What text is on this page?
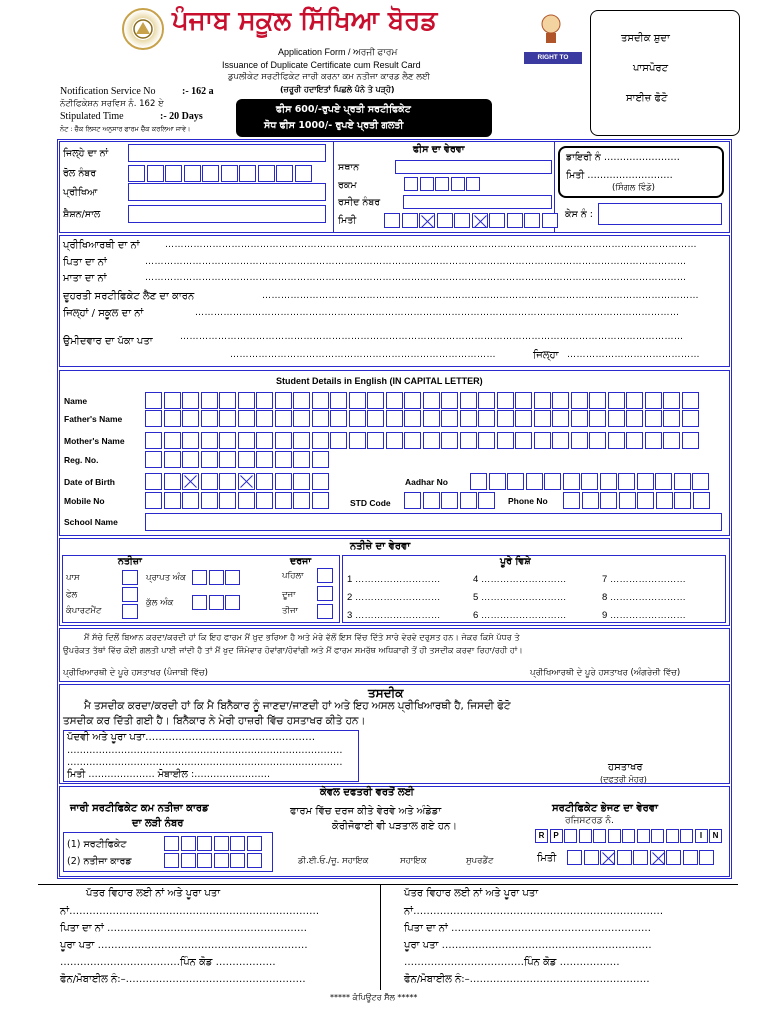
ਪੰਜਾਬ ਸਕੂਲ ਸਿੱਖਿਆ ਬੋਰਡ
Application Form / ਅਰਜੀ ਫਾਰਮ
Issuance of Duplicate Certificate cum Result Card
ਡੁਪਲੀਕੇਟ ਸਰਟੀਫਿਕੇਟ ਜਾਰੀ ਕਰਨਾ ਕਮ ਨਤੀਜਾ ਕਾਰਡ ਲੈਣ ਲਈ
(ਜ਼ਰੂਰੀ ਹਦਾਇਤਾਂ ਪਿਛਲੇ ਪੰਨੇ ਤੇ ਪੜ੍ਹੋ)
RIGHT TO SERVICE
ਤਸਦੀਕ ਸ਼ੁਦਾ
ਪਾਸਪੋਰਟ
ਸਾਈਜ਼ ਫੋਟੋ
Notification Service No	:- 162 a
ਨੋਟੀਫਿਕੇਸ਼ਨ ਸਰਵਿਸ ਨੰ. 162 ਏ
Stipulated Time	:- 20 Days
ਨੋਟ : ਚੈੱਕ ਲਿਸਟ ਅਨੁਸਾਰ ਫਾਰਮ ਚੈੱਕ ਕਰਲਿਆ ਜਾਵੇ।
ਫੀਸ 600/-ਰੁਪਏ ਪ੍ਰਤੀ ਸਰਟੀਫਿਕੇਟ
ਸੋਧ ਫੀਸ 1000/- ਰੁਪਏ ਪ੍ਰਤੀ ਗਲਤੀ
ਜਿਲ੍ਹੇ ਦਾ ਨਾਂ
ਰੋਲ ਨੰਬਰ
ਪ੍ਰੀਖਿਆ
ਸ਼ੈਸ਼ਨ/ਸਾਲ
ਫੀਸ ਦਾ ਵੇਰਵਾ
ਸਥਾਨ
ਰਕਮ
ਰਸੀਦ ਨੰਬਰ
ਮਿਤੀ
ਡਾਇਰੀ ਨੰ ……………………
ਮਿਤੀ ………………………
(ਸਿੰਗਲ ਵਿੰਡੋ)
ਕੇਸ ਨੰ :
ਪ੍ਰੀਖਿਆਰਥੀ ਦਾ ਨਾਂ	……………………………………………………………………………………………………………………………………………………
ਪਿਤਾ ਦਾ ਨਾਂ	………………………………………………………………………………………………………………………………………………………
ਮਾਤਾ ਦਾ ਨਾਂ	………………………………………………………………………………………………………………………………………………………
ਦੂਹਰਤੀ ਸਰਟੀਫਿਕੇਟ ਲੈਣ ਦਾ ਕਾਰਨ	…………………………………………………………………………………………………………………………
ਜਿਲ੍ਹਾਂ / ਸਕੂਲ ਦਾ ਨਾਂ	………………………………………………………………………………………………………………………………………
ਉਮੀਦਵਾਰ ਦਾ ਪੱਕਾ ਪਤਾ	……………………………………………………………………………………………………………………………………………
…………………………………………………………………………	ਜਿਲ੍ਹਾ ……………………………………
Student Details in English (IN CAPITAL LETTER)
Name
Father's Name
Mother's Name
Reg. No.
Date of Birth	Aadhar No
Mobile No	STD Code	Phone No
School Name
ਨਤੀਜ਼ੇ ਦਾ ਵੇਰਵਾ
ਨਤੀਜ਼ਾ	ਦਰਜਾ
ਪਾਸ
ਫੇਲ
ਕੰਪਾਰਟਮੈਂਟ
ਪ੍ਰਾਪਤ ਅੰਕ
ਕੁੱਲ ਅੰਕ
ਪਹਿਲਾ
ਦੂਜਾ
ਤੀਜਾ
ਪੂਰੇ ਵਿਸ਼ੇ
1 ………………………
2 ………………………
3 ………………………
4 ………………………
5 ………………………
6 ………………………
7 ……………………
8 ……………………
9 ……………………
ਮੈਂ ਸੱਚੇ ਦਿਲੋਂ ਬਿਆਨ ਕਰਦਾ/ਕਰਦੀ ਹਾਂ ਕਿ ਇਹ ਫਾਰਮ ਮੈਂ ਖ਼ੁਦ ਭਰਿਆ ਹੈ ਅਤੇ ਮੇਰੇ ਵੱਲੋਂ ਇਸ ਵਿੱਚ ਦਿੱਤੇ ਸਾਰੇ ਵੇਰਵੇ ਦਰੁਸਤ ਹਨ। ਜੇਕਰ ਕਿਸੇ ਪੱਧਰ ਤੇ
ਉਪਰੋਕਤ ਤੱਥਾਂ ਵਿੱਚ ਕੋਈ ਗਲਤੀ ਪਾਈ ਜਾਂਦੀ ਹੈ ਤਾਂ ਮੈਂ ਖੁਦ ਜਿੰਮੇਵਾਰ ਹੋਵਾਂਗਾ/ਹੋਵਾਂਗੀ ਅਤੇ ਮੈਂ ਫਾਰਮ ਸਮਰੱਥ ਅਧਿਕਾਰੀ ਤੋਂ ਹੀ ਤਸਦੀਕ ਕਰਵਾ ਰਿਹਾ/ਰਹੀ ਹਾਂ।
ਪ੍ਰੀਖਿਆਰਥੀ ਦੇ ਪੂਰੇ ਹਸਤਾਖਰ (ਪੰਜਾਬੀ ਵਿੱਚ)	ਪ੍ਰੀਖਿਆਰਥੀ ਦੇ ਪੂਰੇ ਹਸਤਾਖਰ (ਅੰਗਰੇਜ਼ੀ ਵਿੱਚ)
ਤਸਦੀਕ
ਮੈ ਤਸਦੀਕ ਕਰਦਾ/ਕਰਦੀ ਹਾਂ ਕਿ ਮੈ ਬਿਨੈਕਾਰ ਨੂੰ ਜਾਣਦਾ/ਜਾਣਦੀ ਹਾਂ ਅਤੇ ਇਹ ਅਸਲ ਪ੍ਰੀਖਿਆਰਥੀ ਹੈ, ਜਿਸਦੀ ਫੋਟੋ
ਤਸਦੀਕ ਕਰ ਦਿੱਤੀ ਗਈ ਹੈ। ਬਿਨੈਕਾਰ ਨੇ ਮੇਰੀ ਹਾਜ਼ਰੀ ਵਿੱਚ ਹਸਤਾਖਰ ਕੀਤੇ ਹਨ।
ਪੱਦਵੀ ਅਤੇ ਪੂਰਾ ਪਤਾ……………………………………………
……………………………………………………………………………
……………………………………………………………………………
ਮਿਤੀ ………………… ਮੋਬਾਈਲ :……………………
ਹਸਤਾਖਰ
(ਦਫਤਰੀ ਮੋਹਰ)
ਕੇਵਲ ਦਫਤਰੀ ਵਰਤੋਂ ਲਈ
ਜਾਰੀ ਸਰਟੀਫਿਕੇਟ ਕਮ ਨਤੀਜ਼ਾ ਕਾਰਡ
ਦਾ ਲੜੀ ਨੰਬਰ
(1) ਸਰਟੀਫਿਕੇਟ
(2) ਨਤੀਜਾ ਕਾਰਡ
ਫਾਰਮ ਵਿੱਚ ਦਰਜ ਕੀਤੇ ਵੇਰਵੇ ਅਤੇ ਅੰਡੇਡਾ
ਕੋਰੀਜੋਫਾਈ ਵੀ ਪੜਤਾਲ ਗਏ ਹਨ।
ਡੀ.ਈ.ਓ./ਜੂ. ਸਹਾਇਕ	ਸਹਾਇਕ	ਸੁਪਰਡੈਂਟ
ਸਰਟੀਫਿਕੇਟ ਭੇਜਣ ਦਾ ਵੇਰਵਾ
ਰਜਿਸਟਰਡ ਨੰ.
R	P	I	N
ਮਿਤੀ
ਪੱਤਰ ਵਿਹਾਰ ਲਈ ਨਾਂ ਅਤੇ ਪੂਰਾ ਪਤਾ
ਨਾਂ…………………………………………………………………
ਪਿਤਾ ਦਾ ਨਾਂ ……………………………………………………
ਪੂਰਾ ਪਤਾ ………………………………………………………
………………………………ਪਿੰਨ ਕੋਡ ………………
ਫੋਨ/ਮੋਬਾਈਲ ਨੰ:–………………………………………………
ਪੱਤਰ ਵਿਹਾਰ ਲਈ ਨਾਂ ਅਤੇ ਪੂਰਾ ਪਤਾ
ਨਾਂ…………………………………………………………………
ਪਿਤਾ ਦਾ ਨਾਂ ……………………………………………………
ਪੂਰਾ ਪਤਾ ………………………………………………………
………………………………ਪਿੰਨ ਕੋਡ ………………
ਫੋਨ/ਮੋਬਾਈਲ ਨੰ:–………………………………………………
***** ਕੰਪਿਊਟਰ ਸੈੱਲ *****
